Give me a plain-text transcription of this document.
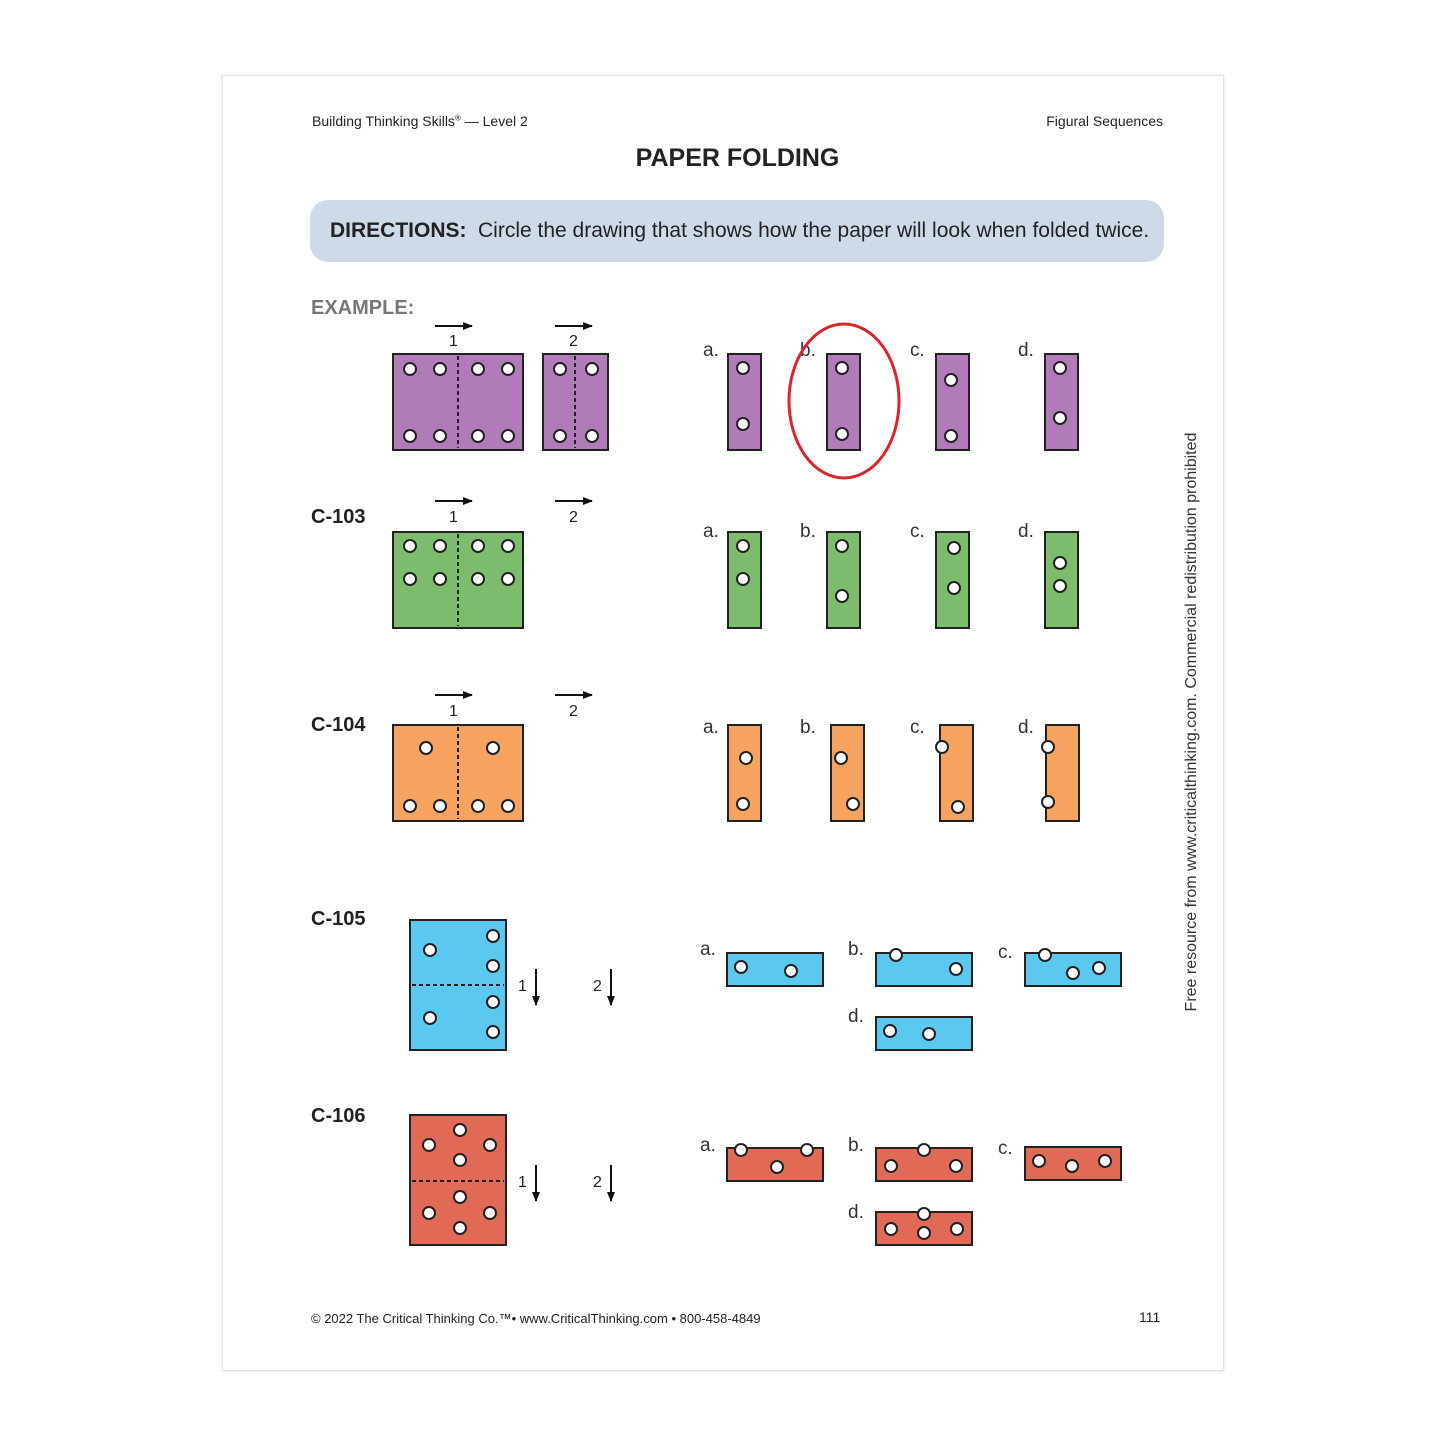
Building Thinking Skills® — Level 2	Figural Sequences
PAPER FOLDING
DIRECTIONS: Circle the drawing that shows how the paper will look when folded twice.
EXAMPLE:
C-103
C-104
C-105
C-106
© 2022 The Critical Thinking Co.™• www.CriticalThinking.com • 800-458-4849	111
Free resource from www.criticalthinking.com. Commercial redistribution prohibited
1	2	a.	b.	c.	d.
1	2
a.	b.	c.	d.
1	2
a.	b.	c.	d.
1	2
a.	b.	c.
d.
1	2
a.	b.	c.
d.
